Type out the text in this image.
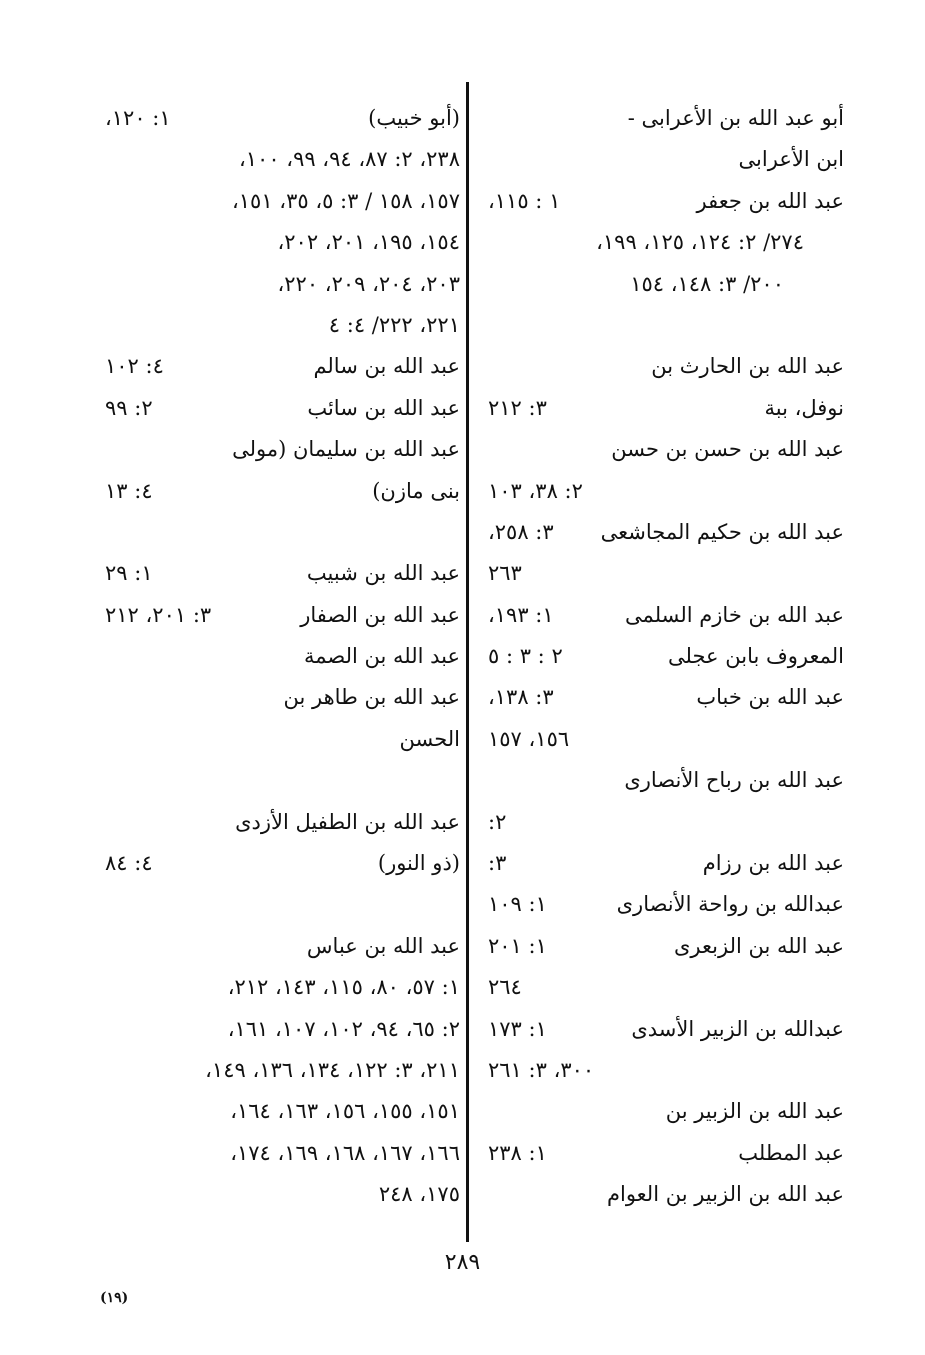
أبو عبد الله بن الأعرابى -
ابن الأعرابى
عبد الله بن جعفر
١ : ١١٥،
٢٧٤/ ٢: ١٢٤، ١٢٥، ١٩٩،
٢٠٠/ ٣: ١٤٨، ١٥٤
عبد الله بن الحارث بن
نوفل، ببة
٣: ٢١٢
عبد الله بن حسن بن حسن
٢: ٣٨، ١٠٣
عبد الله بن حكيم المجاشعى
٣: ٢٥٨،
٢٦٣
عبد الله بن خازم السلمى
١: ١٩٣،
المعروف بابن عجلى
٢ : ٣ : ٥
عبد الله بن خباب
٣: ١٣٨،
١٥٦، ١٥٧
عبد الله بن رباح الأنصارى
٢:
عبد الله بن رزام
٣:
عبدالله بن رواحة الأنصارى
١: ١٠٩
عبد الله بن الزبعرى
١: ٢٠١
٢٦٤
عبدالله بن الزبير الأسدى
١: ١٧٣
٣٠٠، ٣: ٢٦١
عبد الله بن الزبير بن
عبد المطلب
١: ٢٣٨
عبد الله بن الزبير بن العوام
(أبو خبيب)
١: ١٢٠،
٢٣٨، ٢: ٨٧، ٩٤، ٩٩، ١٠٠،
١٥٧، ١٥٨ / ٣: ٥، ٣٥، ١٥١،
١٥٤، ١٩٥، ٢٠١، ٢٠٢،
٢٠٣، ٢٠٤، ٢٠٩، ٢٢٠،
٢٢١، ٢٢٢/ ٤: ٤
عبد الله بن سالم
٤: ١٠٢
عبد الله بن سائب
٢: ٩٩
عبد الله بن سليمان (مولى
بنى مازن)
٤: ١٣
عبد الله بن شبيب
١: ٢٩
عبد الله بن الصفار
٣: ٢٠١، ٢١٢
عبد الله بن الصمة
عبد الله بن طاهر بن
الحسن
عبد الله بن الطفيل الأزدى
(ذو النور)
٤: ٨٤
عبد الله بن عباس
١: ٥٧، ٨٠، ١١٥، ١٤٣، ٢١٢،
٢: ٦٥، ٩٤، ١٠٢، ١٠٧، ١٦١،
٢١١، ٣: ١٢٢، ١٣٤، ١٣٦، ١٤٩،
١٥١، ١٥٥، ١٥٦، ١٦٣، ١٦٤،
١٦٦، ١٦٧، ١٦٨، ١٦٩، ١٧٤،
١٧٥، ٢٤٨
٢٨٩
(١٩)
